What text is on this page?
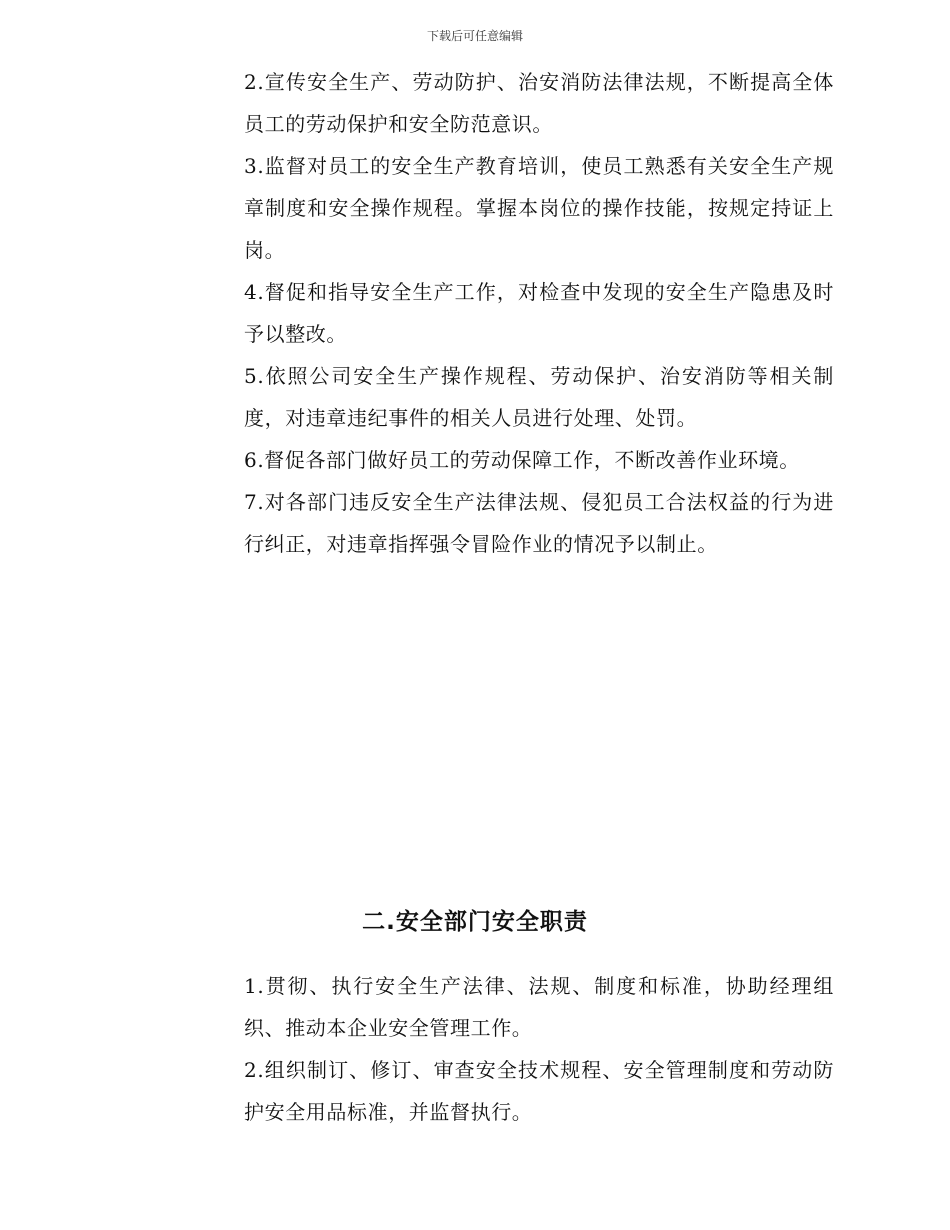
下载后可任意编辑

2.宣传安全生产、劳动防护、治安消防法律法规，不断提高全体员工的劳动保护和安全防范意识。

3.监督对员工的安全生产教育培训，使员工熟悉有关安全生产规章制度和安全操作规程。掌握本岗位的操作技能，按规定持证上岗。

4.督促和指导安全生产工作，对检查中发现的安全生产隐患及时予以整改。

5.依照公司安全生产操作规程、劳动保护、治安消防等相关制度，对违章违纪事件的相关人员进行处理、处罚。

6.督促各部门做好员工的劳动保障工作，不断改善作业环境。

7.对各部门违反安全生产法律法规、侵犯员工合法权益的行为进行纠正，对违章指挥强令冒险作业的情况予以制止。

二.安全部门安全职责

1.贯彻、执行安全生产法律、法规、制度和标准，协助经理组织、推动本企业安全管理工作。

2.组织制订、修订、审查安全技术规程、安全管理制度和劳动防护安全用品标准，并监督执行。
